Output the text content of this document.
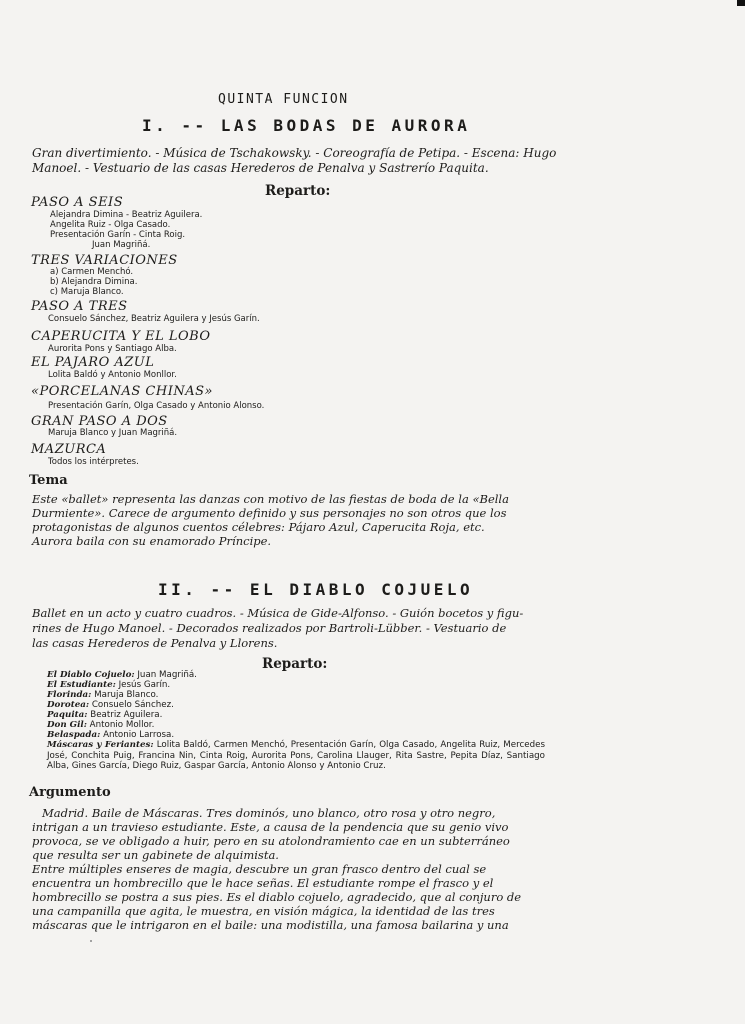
QUINTA FUNCION
I. -- LAS BODAS DE AURORA
Gran divertimiento. - Música de Tschakowsky. - Coreografía de Petipa. - Escena: Hugo
Manoel. - Vestuario de las casas Herederos de Penalva y Sastrerío Paquita.
Reparto:
PASO A SEIS
Alejandra Dimina - Beatriz Aguilera.
Angelita Ruiz - Olga Casado.
Presentación Garín - Cinta Roig.
Juan Magriñá.
TRES VARIACIONES
a) Carmen Menchó.
b) Alejandra Dimina.
c) Maruja Blanco.
PASO A TRES
Consuelo Sánchez, Beatriz Aguilera y Jesús Garín.
CAPERUCITA Y EL LOBO
Aurorita Pons y Santiago Alba.
EL PAJARO AZUL
Lolita Baldó y Antonio Monllor.
«PORCELANAS CHINAS»
Presentación Garín, Olga Casado y Antonio Alonso.
GRAN PASO A DOS
Maruja Blanco y Juan Magriñá.
MAZURCA
Todos los intérpretes.
Tema
Este «ballet» representa las danzas con motivo de las fiestas de boda de la «Bella
Durmiente». Carece de argumento definido y sus personajes no son otros que los
protagonistas de algunos cuentos célebres: Pájaro Azul, Caperucita Roja, etc.
Aurora baila con su enamorado Príncipe.
II. -- EL DIABLO COJUELO
Ballet en un acto y cuatro cuadros. - Música de Gide-Alfonso. - Guión bocetos y figu-
rines de Hugo Manoel. - Decorados realizados por Bartroli-Lübber. - Vestuario de
las casas Herederos de Penalva y Llorens.
Reparto:
El Diablo Cojuelo: Juan Magriñá.
El Estudiante: Jesús Garín.
Florinda: Maruja Blanco.
Dorotea: Consuelo Sánchez.
Paquita: Beatriz Aguilera.
Don Gil: Antonio Mollor.
Belaspada: Antonio Larrosa.
Máscaras y Feriantes: Lolita Baldó, Carmen Menchó, Presentación Garín, Olga Casado, Angelita Ruiz, Mercedes José, Conchita Puig, Francina Nin, Cinta Roig, Aurorita Pons, Carolina Llauger, Rita Sastre, Pepita Díaz, Santiago Alba, Gines García, Diego Ruiz, Gaspar García, Antonio Alonso y Antonio Cruz.
Argumento
Madrid. Baile de Máscaras. Tres dominós, uno blanco, otro rosa y otro negro,
intrigan a un travieso estudiante. Este, a causa de la pendencia que su genio vivo
provoca, se ve obligado a huir, pero en su atolondramiento cae en un subterráneo
que resulta ser un gabinete de alquimista.
Entre múltiples enseres de magia, descubre un gran frasco dentro del cual se
encuentra un hombrecillo que le hace señas. El estudiante rompe el frasco y el
hombrecillo se postra a sus pies. Es el diablo cojuelo, agradecido, que al conjuro de
una campanilla que agita, le muestra, en visión mágica, la identidad de las tres
máscaras que le intrigaron en el baile: una modistilla, una famosa bailarina y una
